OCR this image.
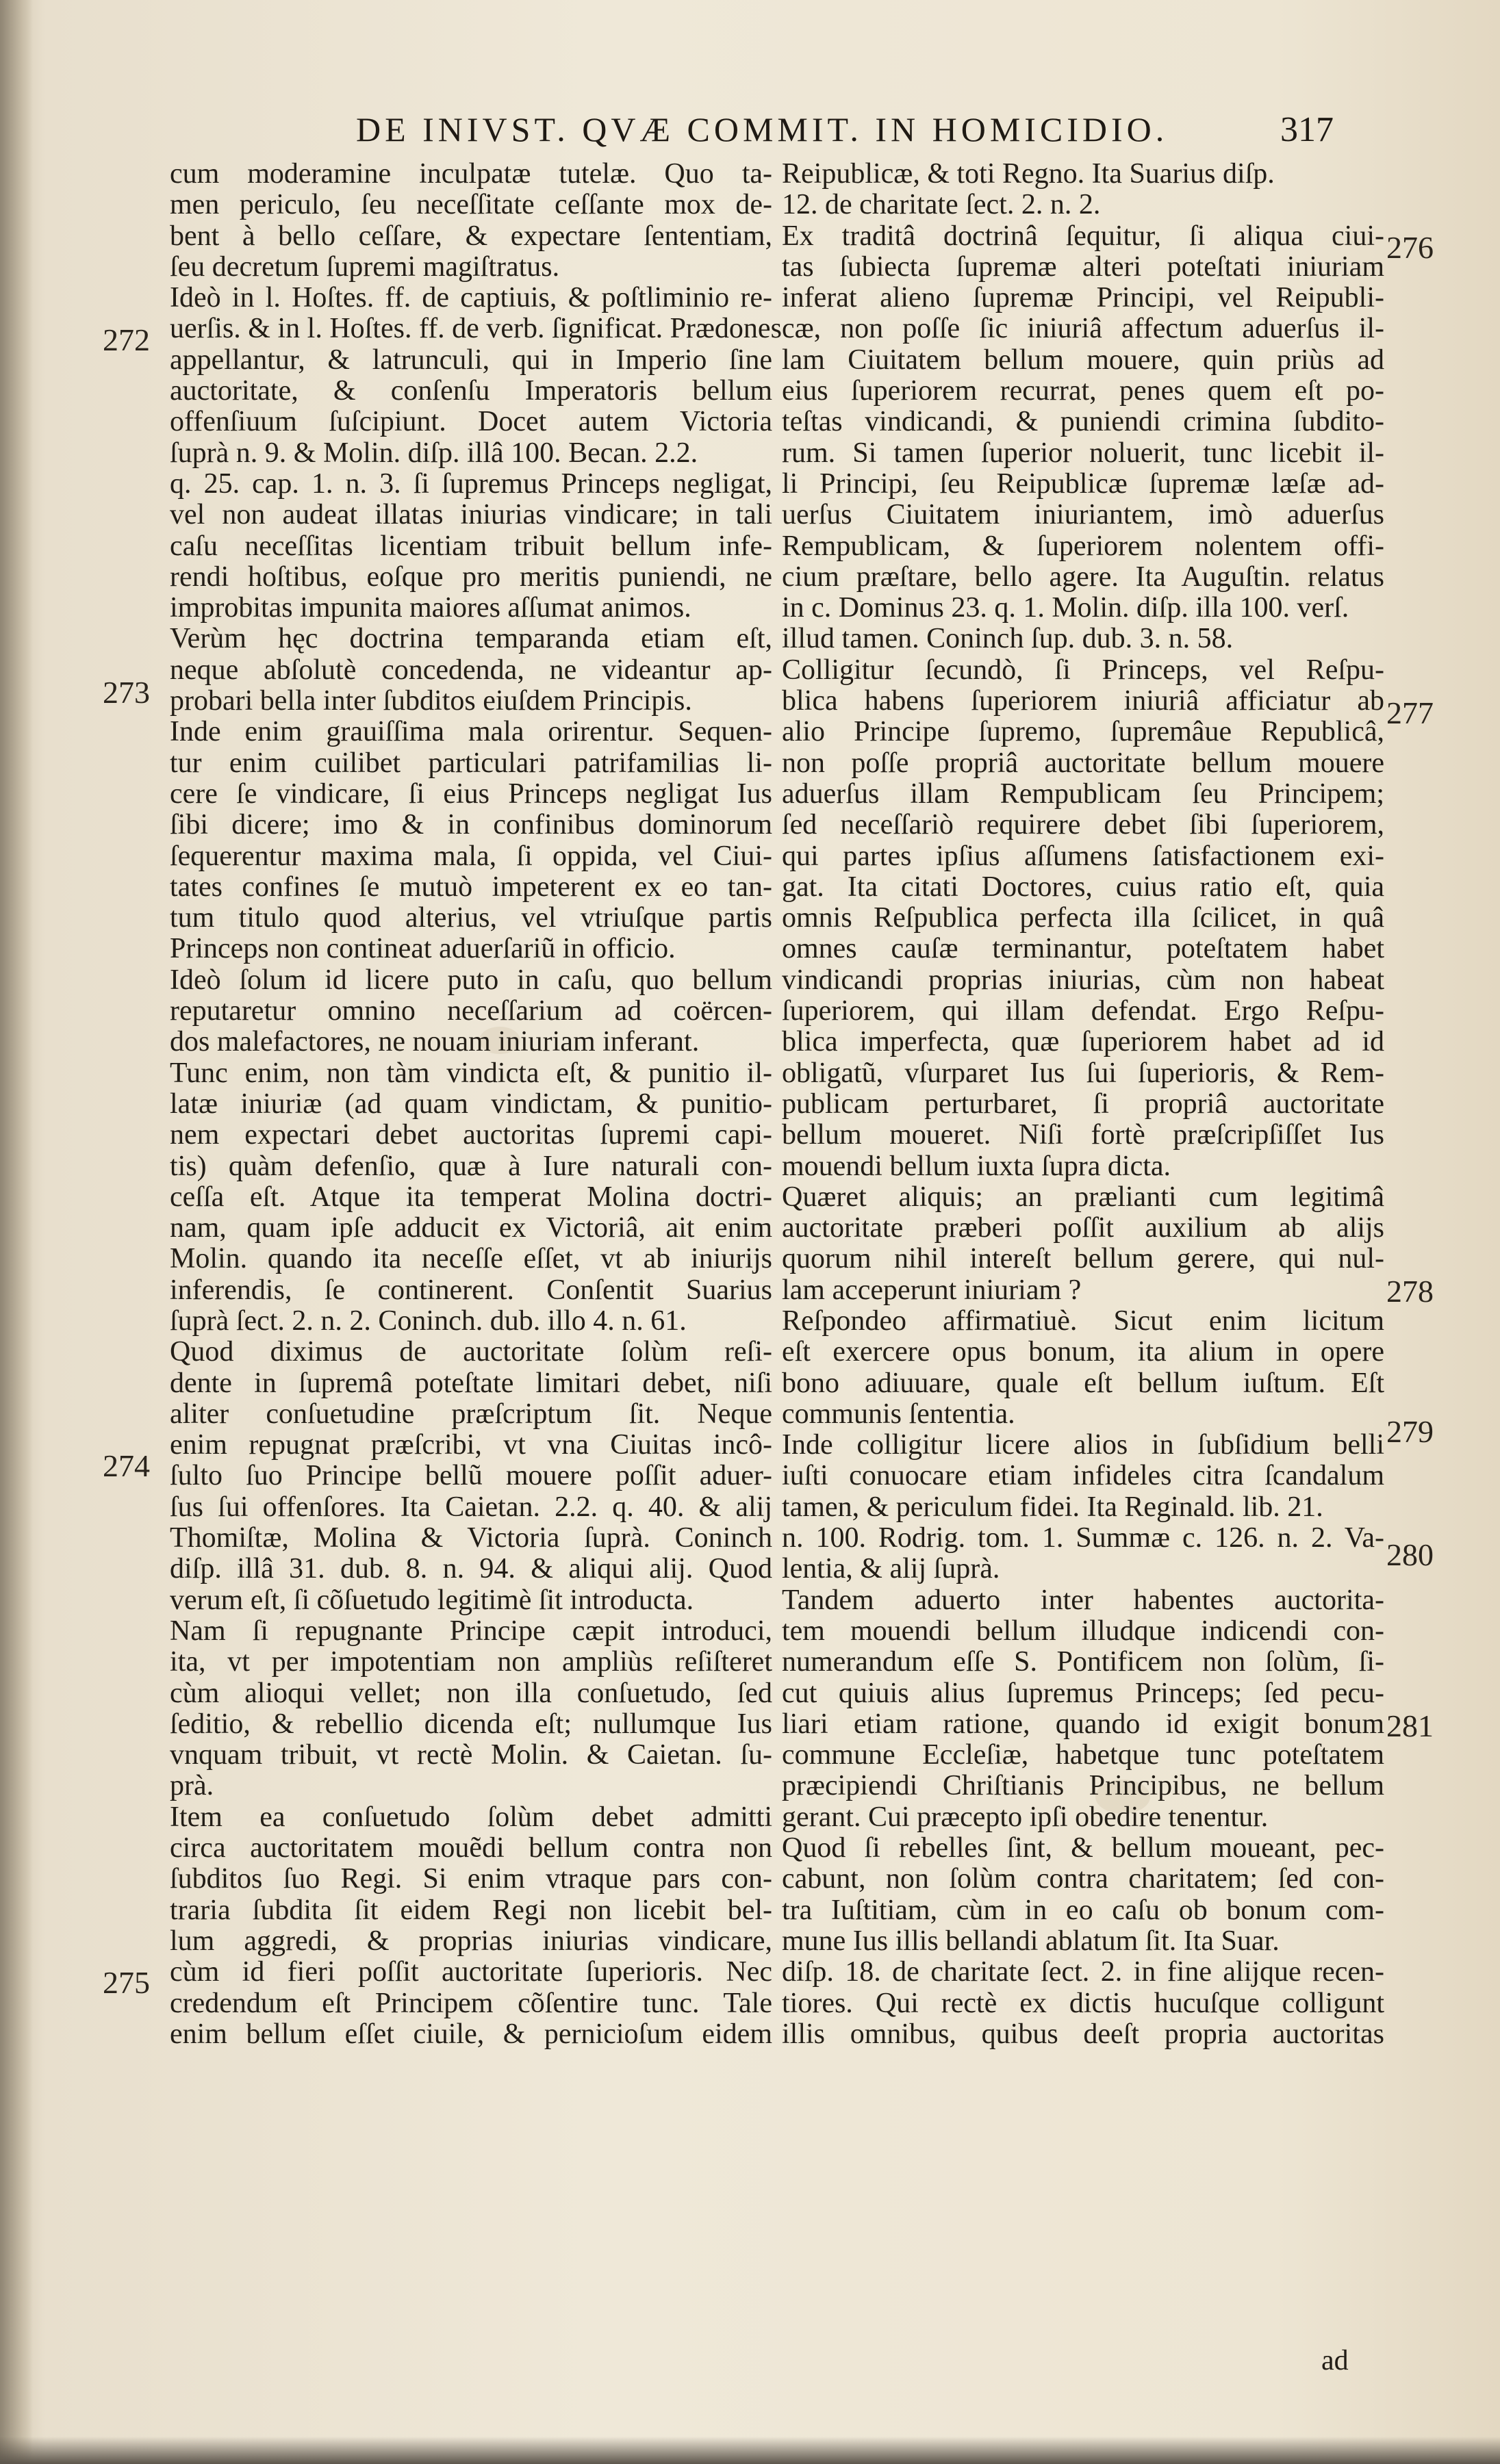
DE INIVST. QVÆ COMMIT. IN HOMICIDIO.	317
272
273
274
275
276
277
278
279
280
281
cum moderamine inculpatæ tutelæ. Quo ta-
men periculo, ſeu neceſſitate ceſſante mox de-
bent à bello ceſſare, & expectare ſententiam,
ſeu decretum ſupremi magiſtratus.
Ideò in l. Hoſtes. ff. de captiuis, & poſtliminio re-
uerſis. & in l. Hoſtes. ff. de verb. ſignificat. Prædones
appellantur, & latrunculi, qui in Imperio ſine
auctoritate, & conſenſu Imperatoris bellum
offenſiuum ſuſcipiunt. Docet autem Victoria
ſuprà n. 9. & Molin. diſp. illâ 100. Becan. 2.2.
q. 25. cap. 1. n. 3. ſi ſupremus Princeps negligat,
vel non audeat illatas iniurias vindicare; in tali
caſu neceſſitas licentiam tribuit bellum infe-
rendi hoſtibus, eoſque pro meritis puniendi, ne
improbitas impunita maiores aſſumat animos.
Verùm hęc doctrina temparanda etiam eſt,
neque abſolutè concedenda, ne videantur ap-
probari bella inter ſubditos eiuſdem Principis.
Inde enim grauiſſima mala orirentur. Sequen-
tur enim cuilibet particulari patrifamilias li-
cere ſe vindicare, ſi eius Princeps negligat Ius
ſibi dicere; imo & in confinibus dominorum
ſequerentur maxima mala, ſi oppida, vel Ciui-
tates confines ſe mutuò impeterent ex eo tan-
tum titulo quod alterius, vel vtriuſque partis
Princeps non contineat aduerſariũ in officio.
Ideò ſolum id licere puto in caſu, quo bellum
reputaretur omnino neceſſarium ad coërcen-
dos malefactores, ne nouam iniuriam inferant.
Tunc enim, non tàm vindicta eſt, & punitio il-
latæ iniuriæ (ad quam vindictam, & punitio-
nem expectari debet auctoritas ſupremi capi-
tis) quàm defenſio, quæ à Iure naturali con-
ceſſa eſt. Atque ita temperat Molina doctri-
nam, quam ipſe adducit ex Victoriâ, ait enim
Molin. quando ita neceſſe eſſet, vt ab iniurijs
inferendis, ſe continerent. Conſentit Suarius
ſuprà ſect. 2. n. 2. Coninch. dub. illo 4. n. 61.
Quod diximus de auctoritate ſolùm reſi-
dente in ſupremâ poteſtate limitari debet, niſi
aliter conſuetudine præſcriptum ſit. Neque
enim repugnat præſcribi, vt vna Ciuitas incô-
ſulto ſuo Principe bellũ mouere poſſit aduer-
ſus ſui offenſores. Ita Caietan. 2.2. q. 40. & alij
Thomiſtæ, Molina & Victoria ſuprà. Coninch
diſp. illâ 31. dub. 8. n. 94. & aliqui alij. Quod
verum eſt, ſi cõſuetudo legitimè ſit introducta.
Nam ſi repugnante Principe cæpit introduci,
ita, vt per impotentiam non ampliùs reſiſteret
cùm alioqui vellet; non illa conſuetudo, ſed
ſeditio, & rebellio dicenda eſt; nullumque Ius
vnquam tribuit, vt rectè Molin. & Caietan. ſu-
prà.
Item ea conſuetudo ſolùm debet admitti
circa auctoritatem mouẽdi bellum contra non
ſubditos ſuo Regi. Si enim vtraque pars con-
traria ſubdita ſit eidem Regi non licebit bel-
lum aggredi, & proprias iniurias vindicare,
cùm id fieri poſſit auctoritate ſuperioris. Nec
credendum eſt Principem cõſentire tunc. Tale
enim bellum eſſet ciuile, & pernicioſum eidem
Reipublicæ, & toti Regno. Ita Suarius diſp.
12. de charitate ſect. 2. n. 2.
Ex traditâ doctrinâ ſequitur, ſi aliqua ciui-
tas ſubiecta ſupremæ alteri poteſtati iniuriam
inferat alieno ſupremæ Principi, vel Reipubli-
cæ, non poſſe ſic iniuriâ affectum aduerſus il-
lam Ciuitatem bellum mouere, quin priùs ad
eius ſuperiorem recurrat, penes quem eſt po-
teſtas vindicandi, & puniendi crimina ſubdito-
rum. Si tamen ſuperior noluerit, tunc licebit il-
li Principi, ſeu Reipublicæ ſupremæ læſæ ad-
uerſus Ciuitatem iniuriantem, imò aduerſus
Rempublicam, & ſuperiorem nolentem offi-
cium præſtare, bello agere. Ita Auguſtin. relatus
in c. Dominus 23. q. 1. Molin. diſp. illa 100. verſ.
illud tamen. Coninch ſup. dub. 3. n. 58.
Colligitur ſecundò, ſi Princeps, vel Reſpu-
blica habens ſuperiorem iniuriâ afficiatur ab
alio Principe ſupremo, ſupremâue Republicâ,
non poſſe propriâ auctoritate bellum mouere
aduerſus illam Rempublicam ſeu Principem;
ſed neceſſariò requirere debet ſibi ſuperiorem,
qui partes ipſius aſſumens ſatisfactionem exi-
gat. Ita citati Doctores, cuius ratio eſt, quia
omnis Reſpublica perfecta illa ſcilicet, in quâ
omnes cauſæ terminantur, poteſtatem habet
vindicandi proprias iniurias, cùm non habeat
ſuperiorem, qui illam defendat. Ergo Reſpu-
blica imperfecta, quæ ſuperiorem habet ad id
obligatũ, vſurparet Ius ſui ſuperioris, & Rem-
publicam perturbaret, ſi propriâ auctoritate
bellum moueret. Niſi fortè præſcripſiſſet Ius
mouendi bellum iuxta ſupra dicta.
Quæret aliquis; an prælianti cum legitimâ
auctoritate præberi poſſit auxilium ab alijs
quorum nihil intereſt bellum gerere, qui nul-
lam acceperunt iniuriam ?
Reſpondeo affirmatiuè. Sicut enim licitum
eſt exercere opus bonum, ita alium in opere
bono adiuuare, quale eſt bellum iuſtum. Eſt
communis ſententia.
Inde colligitur licere alios in ſubſidium belli
iuſti conuocare etiam infideles citra ſcandalum
tamen, & periculum fidei. Ita Reginald. lib. 21.
n. 100. Rodrig. tom. 1. Summæ c. 126. n. 2. Va-
lentia, & alij ſuprà.
Tandem aduerto inter habentes auctorita-
tem mouendi bellum illudque indicendi con-
numerandum eſſe S. Pontificem non ſolùm, ſi-
cut quiuis alius ſupremus Princeps; ſed pecu-
liari etiam ratione, quando id exigit bonum
commune Eccleſiæ, habetque tunc poteſtatem
præcipiendi Chriſtianis Principibus, ne bellum
gerant. Cui præcepto ipſi obedire tenentur.
Quod ſi rebelles ſint, & bellum moueant, pec-
cabunt, non ſolùm contra charitatem; ſed con-
tra Iuſtitiam, cùm in eo caſu ob bonum com-
mune Ius illis bellandi ablatum ſit. Ita Suar.
diſp. 18. de charitate ſect. 2. in fine alijque recen-
tiores. Qui rectè ex dictis hucuſque colligunt
illis omnibus, quibus deeſt propria auctoritas
ad
